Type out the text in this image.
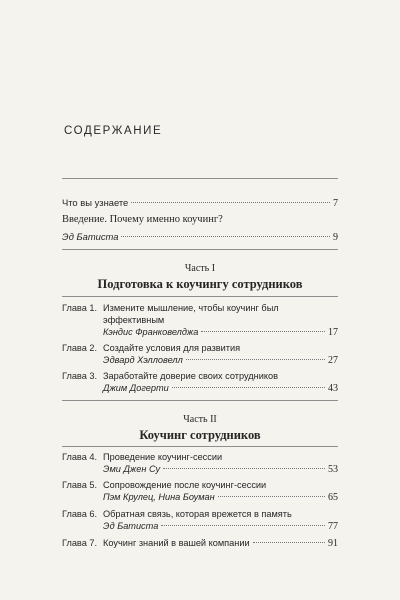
СОДЕРЖАНИЕ
Что вы узнаете	7
Введение. Почему именно коучинг?
Эд Батиста	9
Часть I
Подготовка к коучингу сотрудников
Глава 1. Измените мышление, чтобы коучинг был
эффективным
Кэндис Франковелджа	17
Глава 2. Создайте условия для развития
Эдвард Хэлловелл	27
Глава 3. Заработайте доверие своих сотрудников
Джим Догерти	43
Часть II
Коучинг сотрудников
Глава 4. Проведение коучинг-сессии
Эми Джен Су	53
Глава 5. Сопровождение после коучинг-сессии
Пэм Крулец, Нина Боуман	65
Глава 6. Обратная связь, которая врежется в память
Эд Батиста	77
Глава 7. Коучинг знаний в вашей компании	91
